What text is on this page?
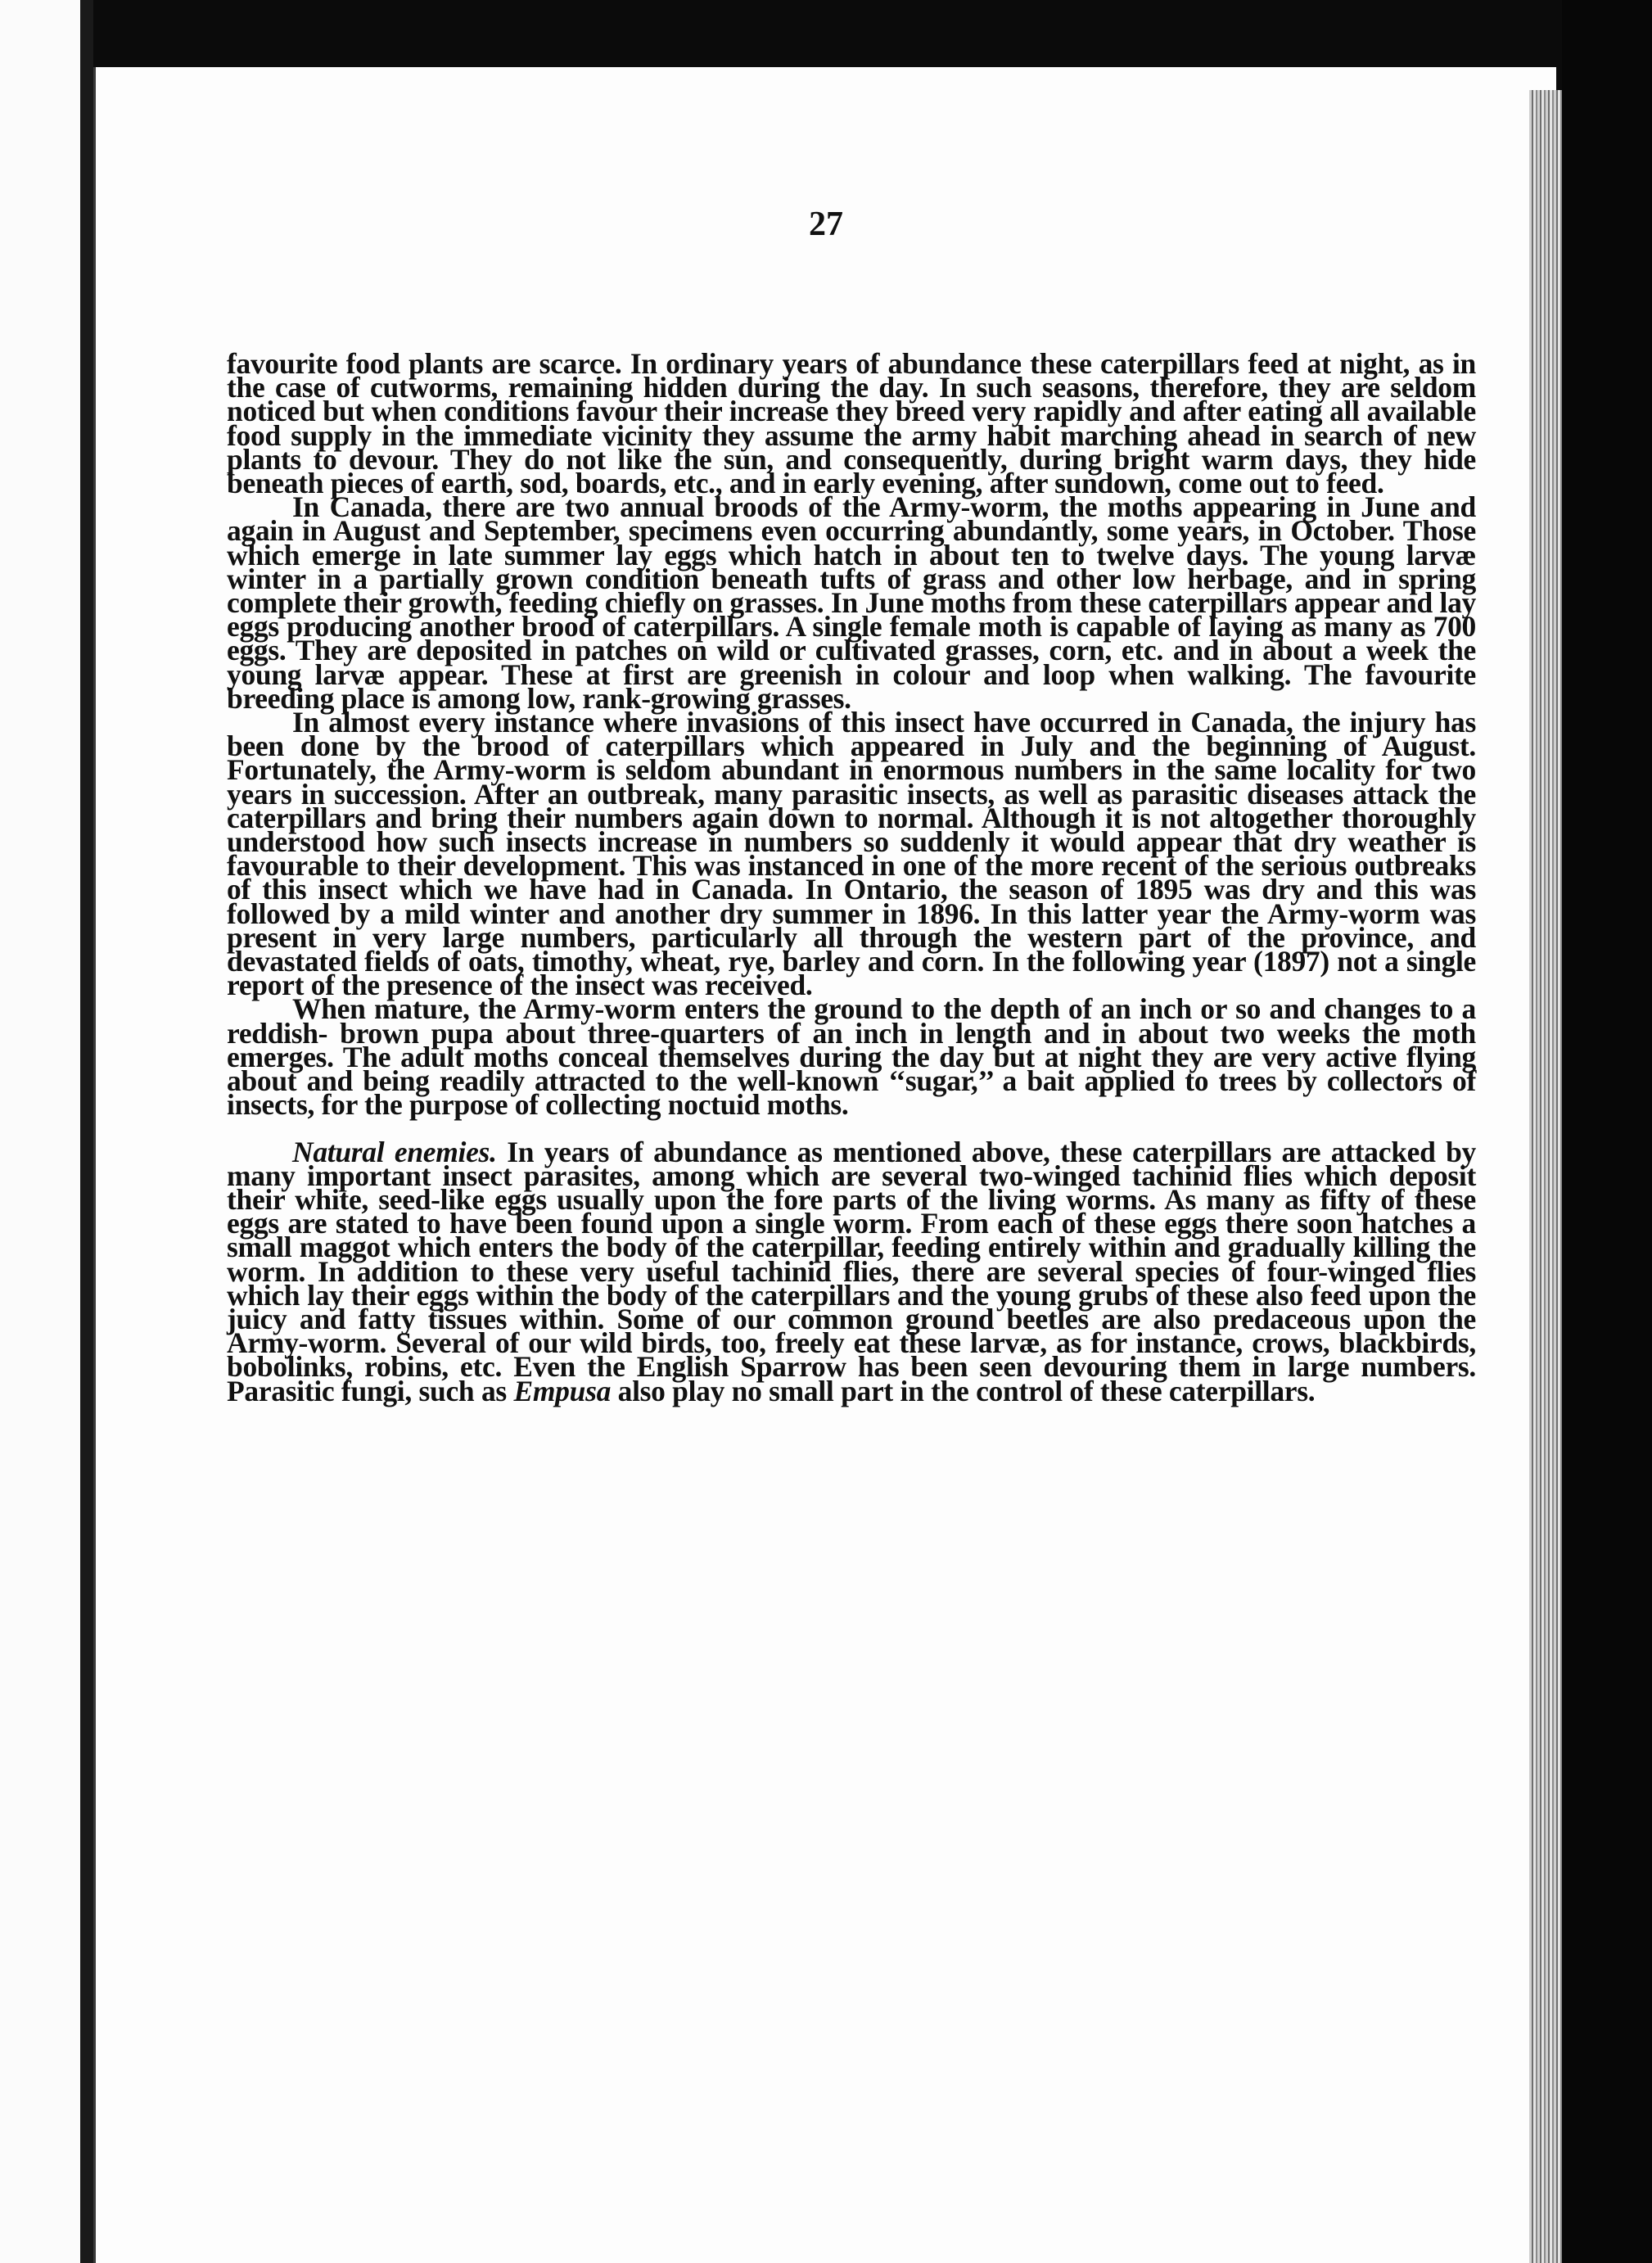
27

favourite food plants are scarce. In ordinary years of abundance these caterpillars feed at night, as in the case of cutworms, remaining hidden during the day. In such seasons, therefore, they are seldom noticed but when conditions favour their increase they breed very rapidly and after eating all available food supply in the immediate vicinity they assume the army habit marching ahead in search of new plants to devour. They do not like the sun, and consequently, during bright warm days, they hide beneath pieces of earth, sod, boards, etc., and in early evening, after sundown, come out to feed.

In Canada, there are two annual broods of the Army-worm, the moths appearing in June and again in August and September, specimens even occurring abundantly, some years, in October. Those which emerge in late summer lay eggs which hatch in about ten to twelve days. The young larvæ winter in a partially grown condition beneath tufts of grass and other low herbage, and in spring complete their growth, feeding chiefly on grasses. In June moths from these caterpillars appear and lay eggs producing another brood of caterpillars. A single female moth is capable of laying as many as 700 eggs. They are deposited in patches on wild or cultivated grasses, corn, etc. and in about a week the young larvæ appear. These at first are greenish in colour and loop when walking. The favourite breeding place is among low, rank-growing grasses.

In almost every instance where invasions of this insect have occurred in Canada, the injury has been done by the brood of caterpillars which appeared in July and the beginning of August. Fortunately, the Army-worm is seldom abundant in enormous numbers in the same locality for two years in succession. After an outbreak, many parasitic insects, as well as parasitic diseases attack the caterpillars and bring their numbers again down to normal. Although it is not altogether thoroughly understood how such insects increase in numbers so suddenly it would appear that dry weather is favourable to their development. This was instanced in one of the more recent of the serious outbreaks of this insect which we have had in Canada. In Ontario, the season of 1895 was dry and this was followed by a mild winter and another dry summer in 1896. In this latter year the Army-worm was present in very large numbers, particularly all through the western part of the province, and devastated fields of oats, timothy, wheat, rye, barley and corn. In the following year (1897) not a single report of the presence of the insect was received.

When mature, the Army-worm enters the ground to the depth of an inch or so and changes to a reddish- brown pupa about three-quarters of an inch in length and in about two weeks the moth emerges. The adult moths conceal themselves during the day but at night they are very active flying about and being readily attracted to the well-known ‘‘sugar,’’ a bait applied to trees by collectors of insects, for the purpose of collecting noctuid moths.

Natural enemies. In years of abundance as mentioned above, these caterpillars are attacked by many important insect parasites, among which are several two-winged tachinid flies which deposit their white, seed-like eggs usually upon the fore parts of the living worms. As many as fifty of these eggs are stated to have been found upon a single worm. From each of these eggs there soon hatches a small maggot which enters the body of the caterpillar, feeding entirely within and gradually killing the worm. In addition to these very useful tachinid flies, there are several species of four-winged flies which lay their eggs within the body of the caterpillars and the young grubs of these also feed upon the juicy and fatty tissues within. Some of our common ground beetles are also predaceous upon the Army-worm. Several of our wild birds, too, freely eat these larvæ, as for instance, crows, blackbirds, bobolinks, robins, etc. Even the English Sparrow has been seen devouring them in large numbers. Parasitic fungi, such as Empusa also play no small part in the control of these caterpillars.
